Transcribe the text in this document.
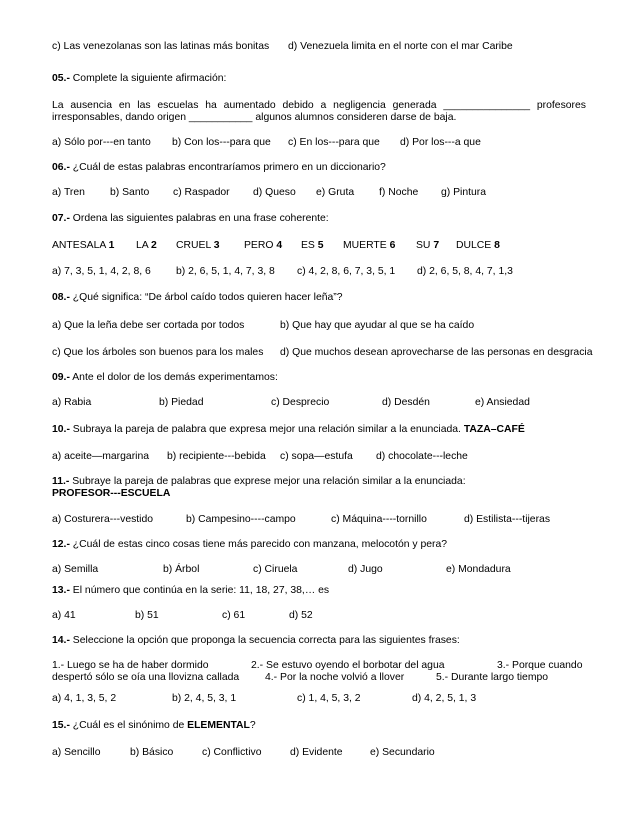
c) Las venezolanas son las latinas más bonitas d) Venezuela limita en el norte con el mar Caribe
05.- Complete la siguiente afirmación:
La ausencia en las escuelas ha aumentado debido a negligencia generada _______________ profesores
irresponsables, dando origen ___________ algunos alumnos consideren darse de baja.
a) Sólo por---en tanto b) Con los---para que c) En los---para que d) Por los---a que
06.- ¿Cuál de estas palabras encontraríamos primero en un diccionario?
a) Tren b) Santo c) Raspador d) Queso e) Gruta f) Noche g) Pintura
07.- Ordena las siguientes palabras en una frase coherente:
ANTESALA 1 LA 2 CRUEL 3 PERO 4 ES 5 MUERTE 6 SU 7 DULCE 8
a) 7, 3, 5, 1, 4, 2, 8, 6 b) 2, 6, 5, 1, 4, 7, 3, 8 c) 4, 2, 8, 6, 7, 3, 5, 1 d) 2, 6, 5, 8, 4, 7, 1,3
08.- ¿Qué significa: “De árbol caído todos quieren hacer leña”?
a) Que la leña debe ser cortada por todos	b) Que hay que ayudar al que se ha caído
c) Que los árboles son buenos para los males d) Que muchos desean aprovecharse de las personas en desgracia
09.- Ante el dolor de los demás experimentamos:
a) Rabia	b) Piedad	c) Desprecio	d) Desdén	e) Ansiedad
10.- Subraya la pareja de palabra que expresa mejor una relación similar a la enunciada. TAZA–CAFÉ
a) aceite—margarina b) recipiente---bebida c) sopa—estufa d) chocolate---leche
11.- Subraye la pareja de palabras que exprese mejor una relación similar a la enunciada:
PROFESOR---ESCUELA
a) Costurera---vestido	b) Campesino----campo	c) Máquina----tornillo	d) Estilista---tijeras
12.- ¿Cuál de estas cinco cosas tiene más parecido con manzana, melocotón y pera?
a) Semilla	b) Árbol	c) Ciruela	d) Jugo	e) Mondadura
13.- El número que continúa en la serie: 11, 18, 27, 38,… es
a) 41	b) 51	c) 61	d) 52
14.- Seleccione la opción que proponga la secuencia correcta para las siguientes frases:
1.- Luego se ha de haber dormido	2.- Se estuvo oyendo el borbotar del agua	3.- Porque cuando
despertó sólo se oía una llovizna callada 4.- Por la noche volvió a llover	5.- Durante largo tiempo
a) 4, 1, 3, 5, 2	b) 2, 4, 5, 3, 1	c) 1, 4, 5, 3, 2	d) 4, 2, 5, 1, 3
15.- ¿Cuál es el sinónimo de ELEMENTAL?
a) Sencillo	b) Básico	c) Conflictivo	d) Evidente	e) Secundario
